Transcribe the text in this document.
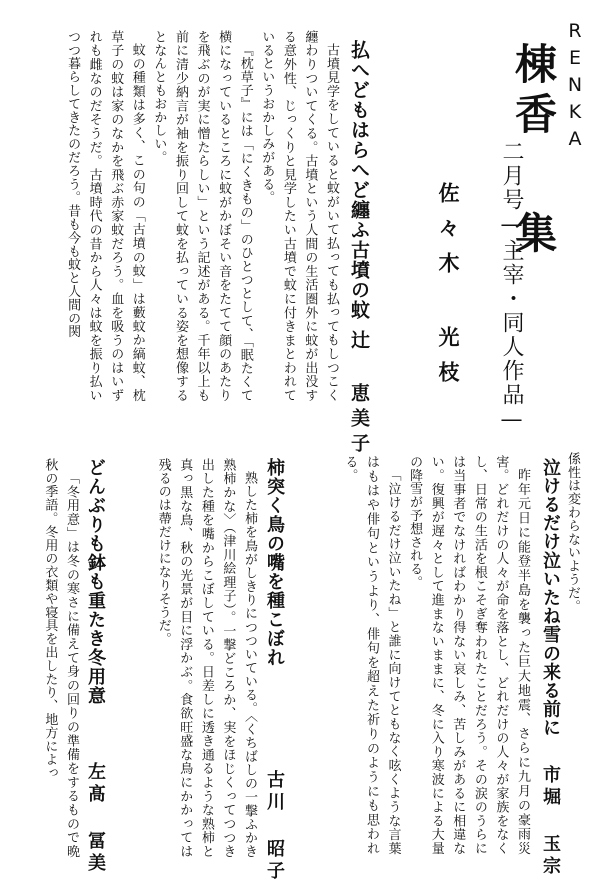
棟
香 集
RENKA
二月号—主宰・同人作品—
佐々木 光枝
払へどもはらへど纏ふ古墳の蚊
辻 恵美子

古墳見学をしていると蚊がいて払っても払ってもしつこく纏わりついてくる。古墳という人間の生活圏外に蚊が出没する意外性、じっくりと見学したい古墳で蚊に付きまとわれているというおかしみがある。

『枕草子』には「にくきもの」のひとつとして、「眠たくて横になっているところに蚊がかぼそい音をたてて顔のあたりを飛ぶのが実に憎たらしい」という記述がある。千年以上も前に清少納言が袖を振り回して蚊を払っている姿を想像するとなんともおかしい。

蚊の種類は多く、この句の「古墳の蚊」は藪蚊か縞蚊、枕草子の蚊は家のなかを飛ぶ赤家蚊だろう。血を吸うのはいずれも雌なのだそうだ。古墳時代の昔から人々は蚊を振り払いつつ暮らしてきたのだろう。昔も今も蚊と人間の関

係性は変わらないようだ。
泣けるだけ泣いたね雪の来る前に
市堀 玉宗

昨年元日に能登半島を襲った巨大地震、さらに九月の豪雨災害。どれだけの人々が命を落とし、どれだけの人々が家族をなくし、日常の生活を根こそぎ奪われたことだろう。その涙のうらには当事者でなければわかり得ない哀しみ、苦しみがあるに相違ない。復興が遅々として進まないままに、冬に入り寒波による大量の降雪が予想される。

「泣けるだけ泣いたね」と誰に向けてともなく呟くような言葉はもはや俳句というより、俳句を超えた祈りのようにも思われる。

柿突く鳥の嘴を種こぼれ
古川 昭子

熟した柿を鳥がしきりにつついている。〈くちばしの一撃ふかき熟柿かな〉（津川絵理子）。一撃どころか、実をほじくってつつき出した種を嘴からこぼしている。日差しに透き通るような熟柿と真っ黒な鳥、秋の光景が目に浮かぶ。食欲旺盛な鳥にかかっては残るのは蔕だけになりそうだ。

どんぶりも鉢も重たき冬用意
左髙 冨美

「冬用意」は冬の寒さに備えて身の回りの準備をするもので晩秋の季語。冬用の衣類や寝具を出したり、地方によっ
